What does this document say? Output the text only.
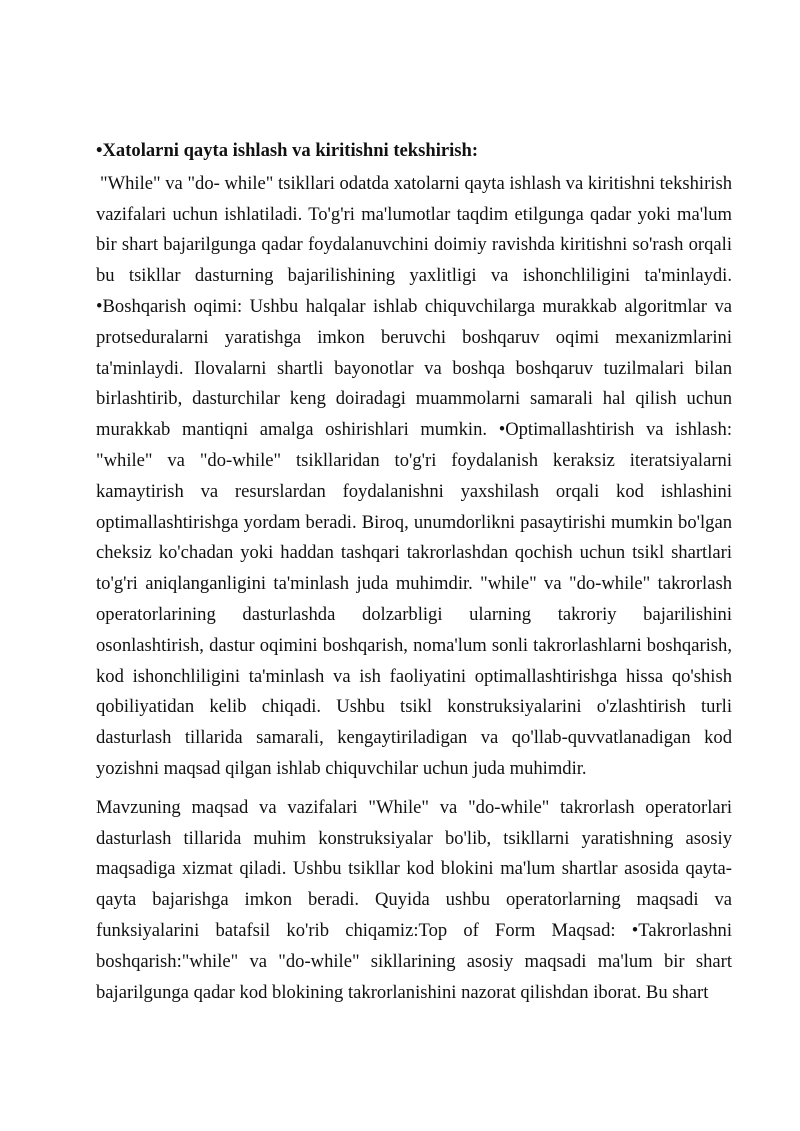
•Xatolarni qayta ishlash va kiritishni tekshirish:

"While" va "do- while" tsikllari odatda xatolarni qayta ishlash va kiritishni tekshirish vazifalari uchun ishlatiladi. To'g'ri ma'lumotlar taqdim etilgunga qadar yoki ma'lum bir shart bajarilgunga qadar foydalanuvchini doimiy ravishda kiritishni so'rash orqali bu tsikllar dasturning bajarilishining yaxlitligi va ishonchliligini ta'minlaydi. •Boshqarish oqimi: Ushbu halqalar ishlab chiquvchilarga murakkab algoritmlar va protseduralarni yaratishga imkon beruvchi boshqaruv oqimi mexanizmlarini ta'minlaydi. Ilovalarni shartli bayonotlar va boshqa boshqaruv tuzilmalari bilan birlashtirib, dasturchilar keng doiradagi muammolarni samarali hal qilish uchun murakkab mantiqni amalga oshirishlari mumkin. •Optimallashtirish va ishlash: "while" va "do-while" tsikllaridan to'g'ri foydalanish keraksiz iteratsiyalarni kamaytirish va resurslardan foydalanishni yaxshilash orqali kod ishlashini optimallashtirishga yordam beradi. Biroq, unumdorlikni pasaytirishi mumkin bo'lgan cheksiz ko'chadan yoki haddan tashqari takrorlashdan qochish uchun tsikl shartlari to'g'ri aniqlanganligini ta'minlash juda muhimdir. "while" va "do-while" takrorlash operatorlarining dasturlashda dolzarbligi ularning takroriy bajarilishini osonlashtirish, dastur oqimini boshqarish, noma'lum sonli takrorlashlarni boshqarish, kod ishonchliligini ta'minlash va ish faoliyatini optimallashtirishga hissa qo'shish qobiliyatidan kelib chiqadi. Ushbu tsikl konstruksiyalarini o'zlashtirish turli dasturlash tillarida samarali, kengaytiriladigan va qo'llab-quvvatlanadigan kod yozishni maqsad qilgan ishlab chiquvchilar uchun juda muhimdir.

Mavzuning maqsad va vazifalari "While" va "do-while" takrorlash operatorlari dasturlash tillarida muhim konstruksiyalar bo'lib, tsikllarni yaratishning asosiy maqsadiga xizmat qiladi. Ushbu tsikllar kod blokini ma'lum shartlar asosida qayta-qayta bajarishga imkon beradi. Quyida ushbu operatorlarning maqsadi va funksiyalarini batafsil ko'rib chiqamiz:Top of Form Maqsad: •Takrorlashni boshqarish:"while" va "do-while" sikllarining asosiy maqsadi ma'lum bir shart bajarilgunga qadar kod blokining takrorlanishini nazorat qilishdan iborat. Bu shart
